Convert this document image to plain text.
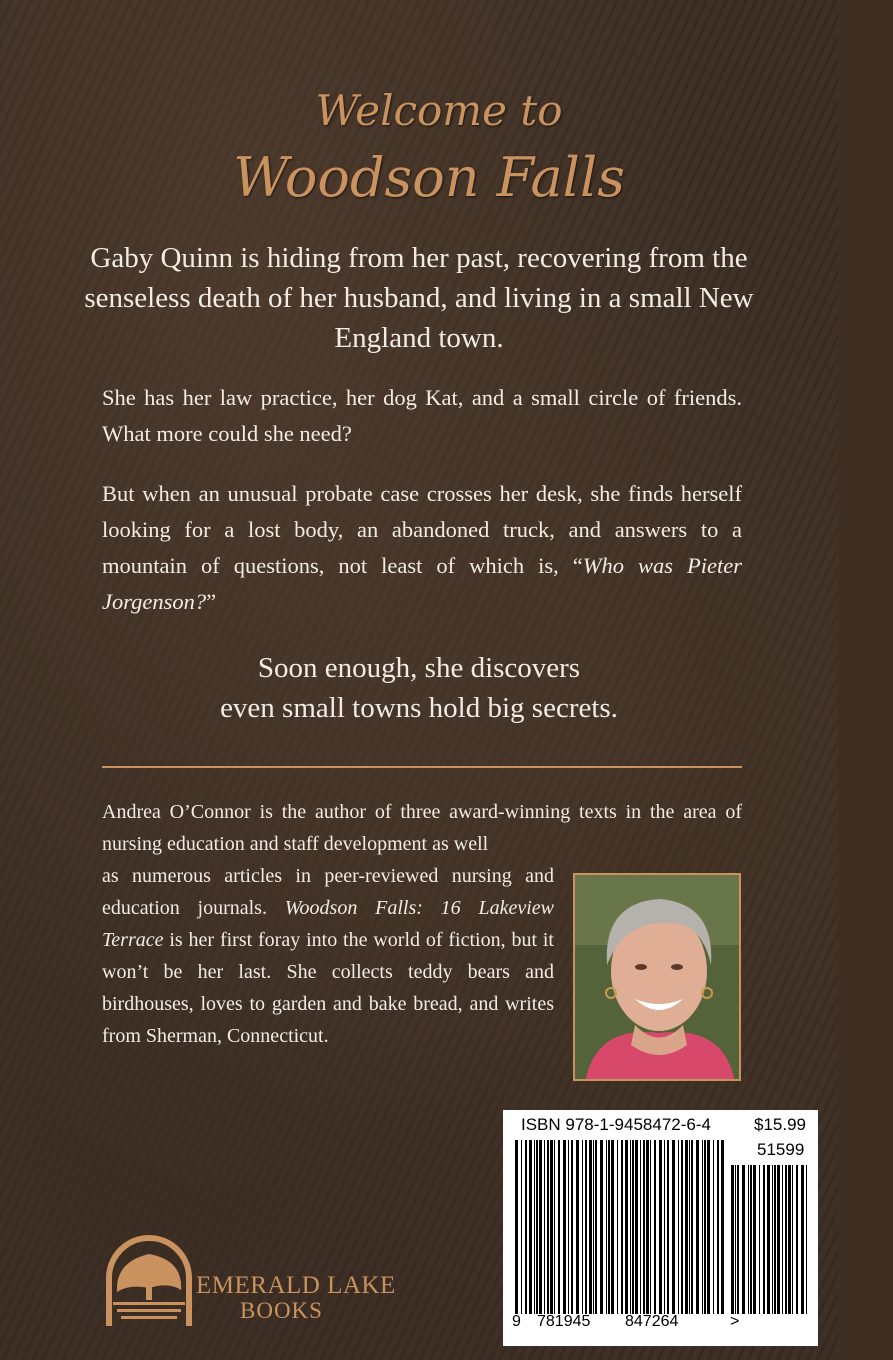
Welcome to
Woodson Falls
Gaby Quinn is hiding from her past, recovering from the senseless death of her husband, and living in a small New England town.
She has her law practice, her dog Kat, and a small circle of friends. What more could she need?
But when an unusual probate case crosses her desk, she finds herself looking for a lost body, an abandoned truck, and answers to a mountain of questions, not least of which is, “Who was Pieter Jorgenson?”
Soon enough, she discovers
even small towns hold big secrets.
Andrea O’Connor is the author of three award-winning texts in the area of nursing education and staff development as well
as numerous articles in peer-reviewed nursing and education journals. Woodson Falls: 16 Lakeview Terrace is her first foray into the world of fiction, but it won’t be her last. She collects teddy bears and birdhouses, loves to garden and bake bread, and writes from Sherman, Connecticut.
ISBN 978-1-9458472-6-4	$15.99
51599
9 781945 847264	>
EMERALD LAKE
BOOKS
